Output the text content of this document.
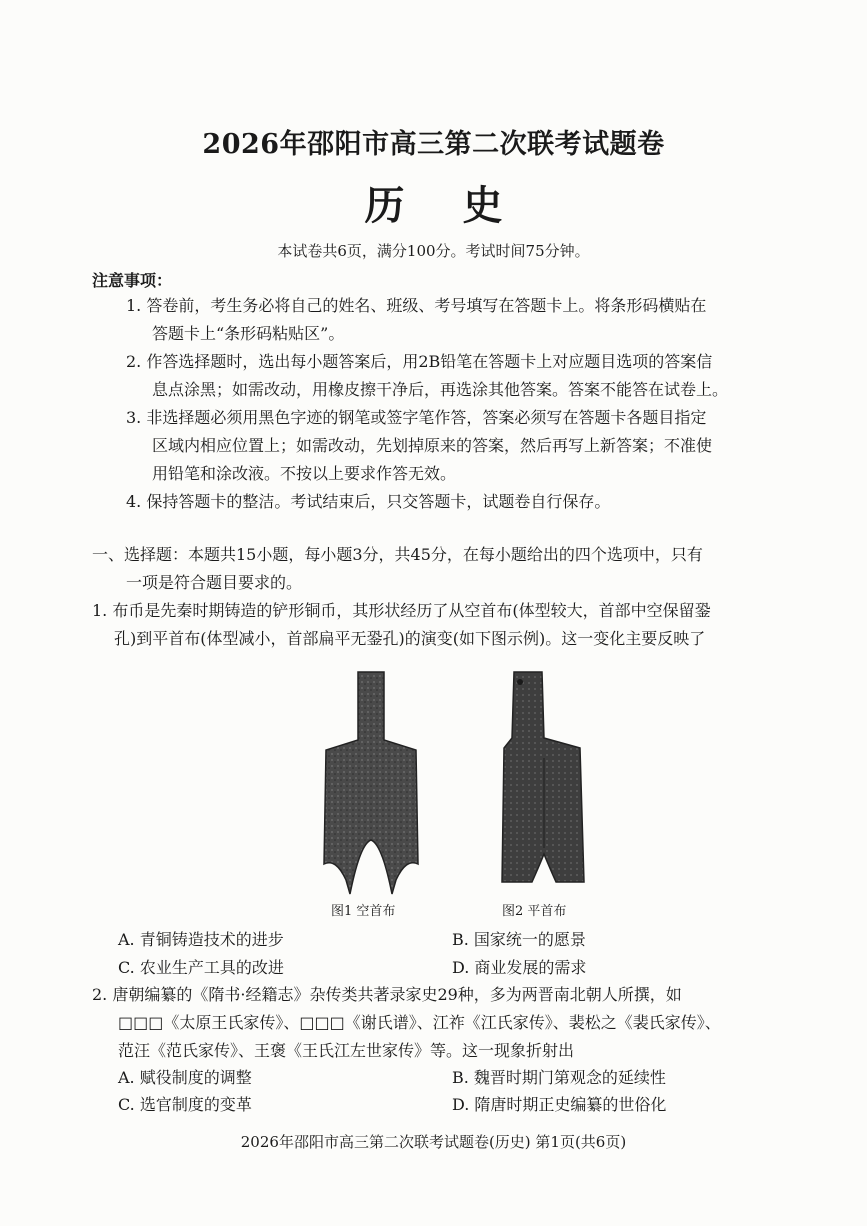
2026年邵阳市高三第二次联考试题卷
历 史
本试卷共6页，满分100分。考试时间75分钟。
注意事项：
1. 答卷前，考生务必将自己的姓名、班级、考号填写在答题卡上。将条形码横贴在
答题卡上“条形码粘贴区”。
2. 作答选择题时，选出每小题答案后，用2B铅笔在答题卡上对应题目选项的答案信
息点涂黑；如需改动，用橡皮擦干净后，再选涂其他答案。答案不能答在试卷上。
3. 非选择题必须用黑色字迹的钢笔或签字笔作答，答案必须写在答题卡各题目指定
区域内相应位置上；如需改动，先划掉原来的答案，然后再写上新答案；不准使
用铅笔和涂改液。不按以上要求作答无效。
4. 保持答题卡的整洁。考试结束后，只交答题卡，试题卷自行保存。
一、选择题：本题共15小题，每小题3分，共45分，在每小题给出的四个选项中，只有
一项是符合题目要求的。
1. 布币是先秦时期铸造的铲形铜币，其形状经历了从空首布(体型较大，首部中空保留銎
孔)到平首布(体型减小，首部扁平无銎孔)的演变(如下图示例)。这一变化主要反映了
图1 空首布	图2 平首布
A. 青铜铸造技术的进步	B. 国家统一的愿景
C. 农业生产工具的改进	D. 商业发展的需求
2. 唐朝编纂的《隋书·经籍志》杂传类共著录家史29种，多为两晋南北朝人所撰，如
□□□《太原王氏家传》、□□□《谢氏谱》、江祚《江氏家传》、裴松之《裴氏家传》、
范汪《范氏家传》、王褒《王氏江左世家传》等。这一现象折射出
A. 赋役制度的调整	B. 魏晋时期门第观念的延续性
C. 选官制度的变革	D. 隋唐时期正史编纂的世俗化
2026年邵阳市高三第二次联考试题卷(历史) 第1页(共6页)
